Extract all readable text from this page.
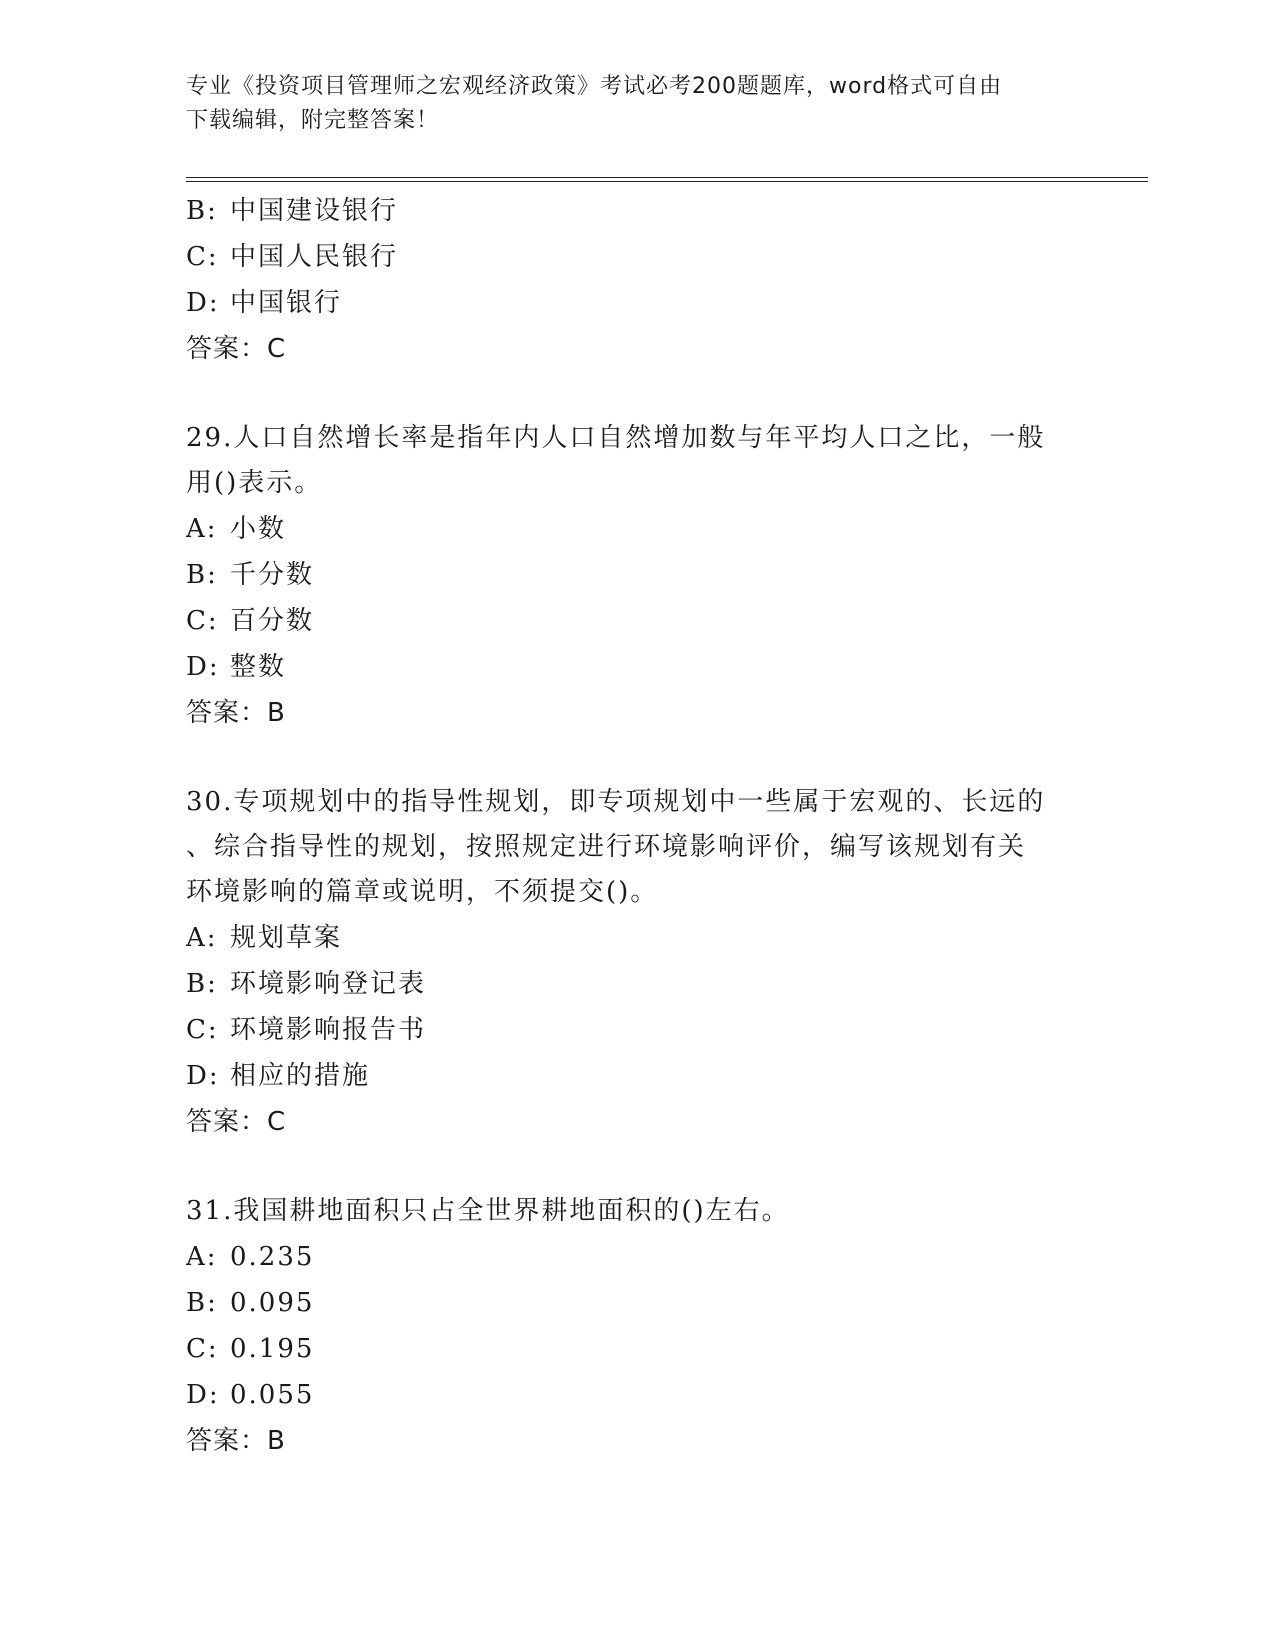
专业《投资项目管理师之宏观经济政策》考试必考200题题库，word格式可自由
下载编辑，附完整答案！
B: 中国建设银行
C: 中国人民银行
D: 中国银行
答案：C
29.人口自然增长率是指年内人口自然增加数与年平均人口之比，一般
用()表示。
A: 小数
B: 千分数
C: 百分数
D: 整数
答案：B
30.专项规划中的指导性规划，即专项规划中一些属于宏观的、长远的
、综合指导性的规划，按照规定进行环境影响评价，编写该规划有关
环境影响的篇章或说明，不须提交()。
A: 规划草案
B: 环境影响登记表
C: 环境影响报告书
D: 相应的措施
答案：C
31.我国耕地面积只占全世界耕地面积的()左右。
A: 0.235
B: 0.095
C: 0.195
D: 0.055
答案：B
